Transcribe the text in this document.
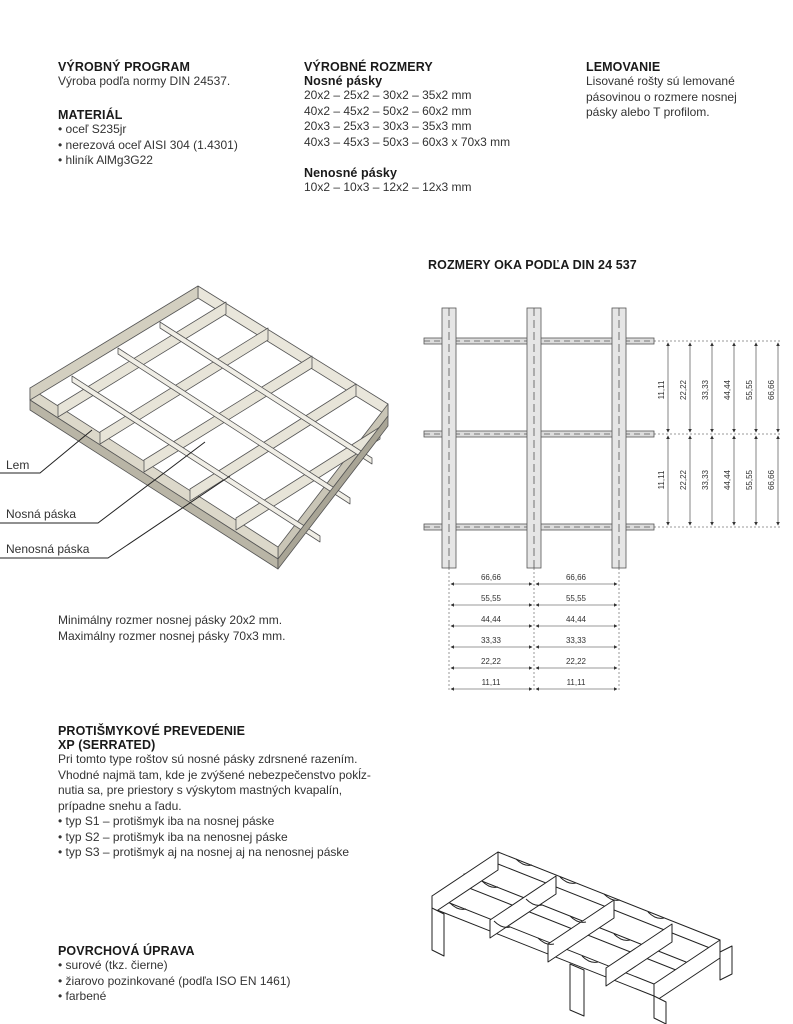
VÝROBNÝ PROGRAM
Výroba podľa normy DIN 24537.
MATERIÁL
• oceľ S235jr
• nerezová oceľ AISI 304 (1.4301)
• hliník AlMg3G22
VÝROBNÉ ROZMERY
Nosné pásky
20x2 – 25x2 – 30x2 – 35x2 mm
40x2 – 45x2 – 50x2 – 60x2 mm
20x3 – 25x3 – 30x3 – 35x3 mm
40x3 – 45x3 – 50x3 – 60x3 x 70x3 mm
Nenosné pásky
10x2 – 10x3 – 12x2 – 12x3 mm
LEMOVANIE
Lisované rošty sú lemované
pásovinou o rozmere nosnej
pásky alebo T profilom.
ROZMERY OKA PODĽA DIN 24 537
Lem
Nosná páska
Nenosná páska
11,11 22,22 33,33 44,44 55,55 66,66
11,11 22,22 33,33 44,44 55,55 66,66
66,66	66,66
55,55	55,55
44,44	44,44
33,33	33,33
22,22	22,22
11,11	11,11
Minimálny rozmer nosnej pásky 20x2 mm.
Maximálny rozmer nosnej pásky 70x3 mm.
PROTIŠMYKOVÉ PREVEDENIE
XP (SERRATED)
Pri tomto type roštov sú nosné pásky zdrsnené razením.
Vhodné najmä tam, kde je zvýšené nebezpečenstvo pokĺz-
nutia sa, pre priestory s výskytom mastných kvapalín,
prípadne snehu a ľadu.
• typ S1 – protišmyk iba na nosnej páske
• typ S2 – protišmyk iba na nenosnej páske
• typ S3 – protišmyk aj na nosnej aj na nenosnej páske
POVRCHOVÁ ÚPRAVA
• surové (tkz. čierne)
• žiarovo pozinkované (podľa ISO EN 1461)
• farbené
